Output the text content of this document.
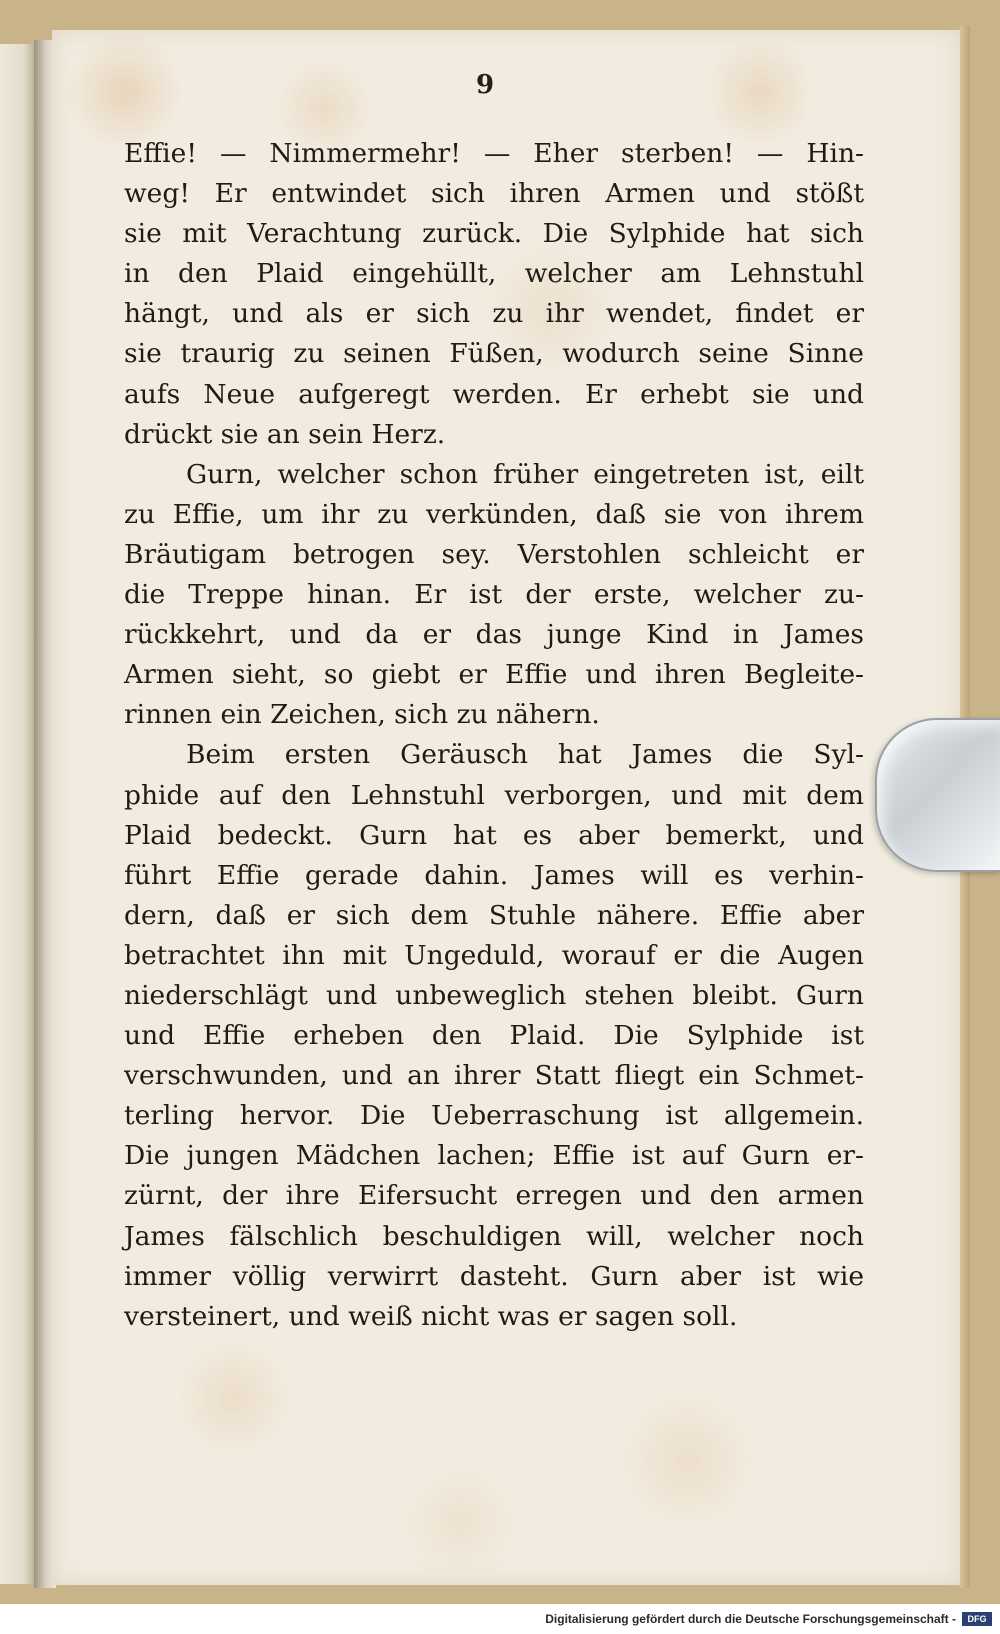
9
Effie! — Nimmermehr! — Eher sterben! — Hin-
weg! Er entwindet sich ihren Armen und stößt
sie mit Verachtung zurück. Die Sylphide hat sich
in den Plaid eingehüllt, welcher am Lehnstuhl
hängt, und als er sich zu ihr wendet, findet er
sie traurig zu seinen Füßen, wodurch seine Sinne
aufs Neue aufgeregt werden. Er erhebt sie und
drückt sie an sein Herz.
Gurn, welcher schon früher eingetreten ist, eilt
zu Effie, um ihr zu verkünden, daß sie von ihrem
Bräutigam betrogen sey. Verstohlen schleicht er
die Treppe hinan. Er ist der erste, welcher zu-
rückkehrt, und da er das junge Kind in James
Armen sieht, so giebt er Effie und ihren Begleite-
rinnen ein Zeichen, sich zu nähern.
Beim ersten Geräusch hat James die Syl-
phide auf den Lehnstuhl verborgen, und mit dem
Plaid bedeckt. Gurn hat es aber bemerkt, und
führt Effie gerade dahin. James will es verhin-
dern, daß er sich dem Stuhle nähere. Effie aber
betrachtet ihn mit Ungeduld, worauf er die Augen
niederschlägt und unbeweglich stehen bleibt. Gurn
und Effie erheben den Plaid. Die Sylphide ist
verschwunden, und an ihrer Statt fliegt ein Schmet-
terling hervor. Die Ueberraschung ist allgemein.
Die jungen Mädchen lachen; Effie ist auf Gurn er-
zürnt, der ihre Eifersucht erregen und den armen
James fälschlich beschuldigen will, welcher noch
immer völlig verwirrt dasteht. Gurn aber ist wie
versteinert, und weiß nicht was er sagen soll.
Digitalisierung gefördert durch die Deutsche Forschungsgemeinschaft -	DFG
